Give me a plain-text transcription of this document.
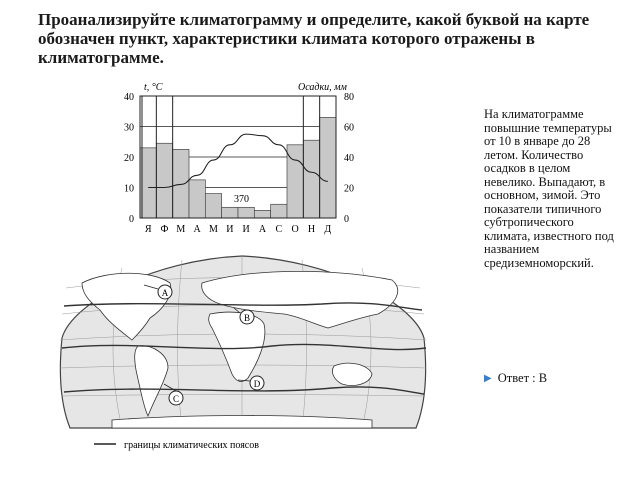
Проанализируйте климатограмму и определите, какой буквой на карте обозначен пункт, характеристики климата которого отражены в климатограмме.
t, °C	Осадки, мм
40
30
20
10
0
80
60
40
20
0
370
Я Ф М А М И И А С О Н Д
A
B
C
D
границы климатических поясов

На климатограмме повышние температуры от 10 в январе до 28 летом. Количество осадков в целом невелико. Выпадают, в основном, зимой. Это показатели типичного субтропического климата, известного под названием средиземноморский.

▶ Ответ : В
